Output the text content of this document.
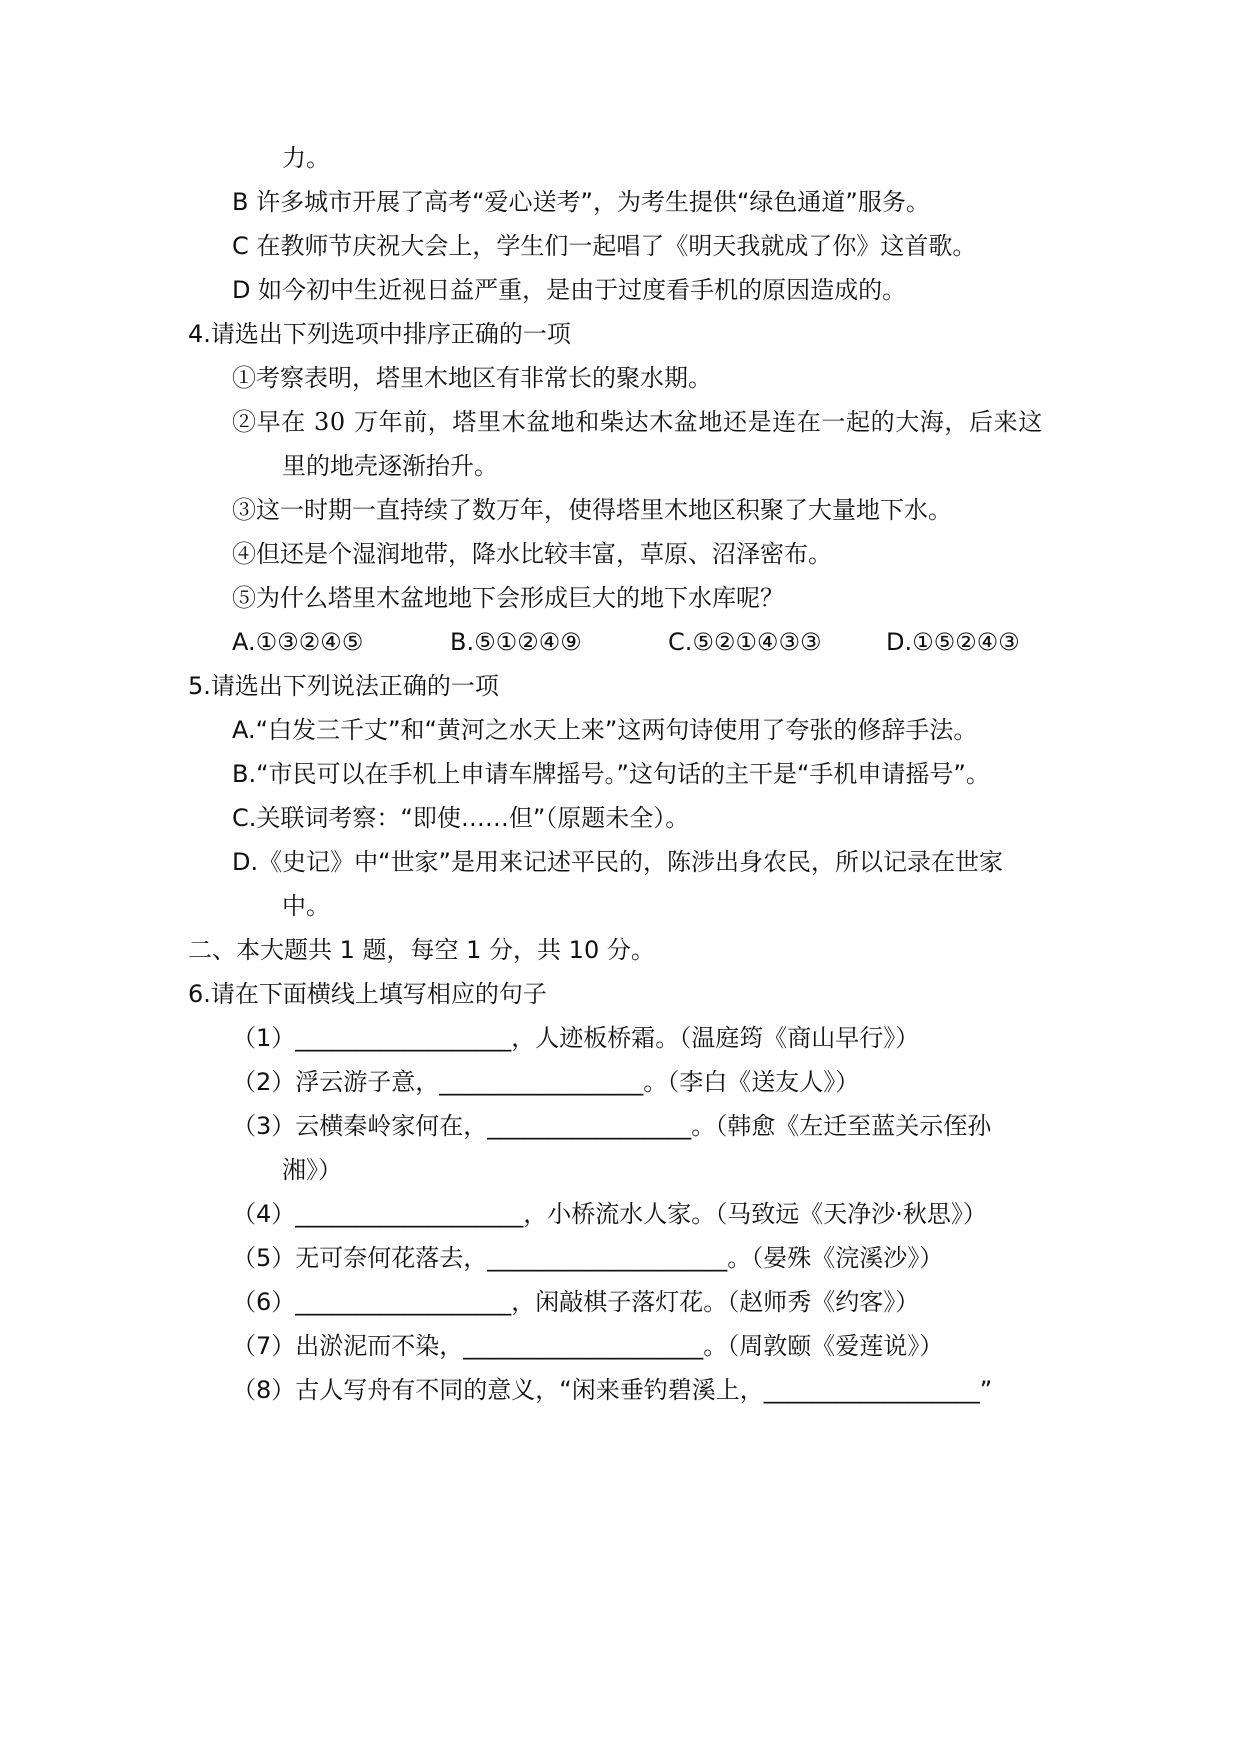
力。
B 许多城市开展了高考“爱心送考”，为考生提供“绿色通道”服务。
C 在教师节庆祝大会上，学生们一起唱了《明天我就成了你》这首歌。
D 如今初中生近视日益严重，是由于过度看手机的原因造成的。
4.请选出下列选项中排序正确的一项
①考察表明，塔里木地区有非常长的聚水期。
②早在 30 万年前，塔里木盆地和柴达木盆地还是连在一起的大海，后来这
里的地壳逐渐抬升。
③这一时期一直持续了数万年，使得塔里木地区积聚了大量地下水。
④但还是个湿润地带，降水比较丰富，草原、沼泽密布。
⑤为什么塔里木盆地地下会形成巨大的地下水库呢？
A.①③②④⑤	B.⑤①②④⑨	C.⑤②①④③③	D.①⑤②④③
5.请选出下列说法正确的一项
A.“白发三千丈”和“黄河之水天上来”这两句诗使用了夸张的修辞手法。
B.“市民可以在手机上申请车牌摇号。”这句话的主干是“手机申请摇号”。
C.关联词考察：“即使……但”（原题未全）。
D.《史记》中“世家”是用来记述平民的，陈涉出身农民，所以记录在世家
中。
二、本大题共 1 题，每空 1 分，共 10 分。
6.请在下面横线上填写相应的句子
（1）__________________，人迹板桥霜。（温庭筠《商山早行》）
（2）浮云游子意，_________________。（李白《送友人》）
（3）云横秦岭家何在，_________________。（韩愈《左迁至蓝关示侄孙
湘》）
（4）___________________，小桥流水人家。（马致远《天净沙·秋思》）
（5）无可奈何花落去，____________________。（晏殊《浣溪沙》）
（6）__________________，闲敲棋子落灯花。（赵师秀《约客》）
（7）出淤泥而不染，____________________。（周敦颐《爱莲说》）
（8）古人写舟有不同的意义，“闲来垂钓碧溪上，__________________”
